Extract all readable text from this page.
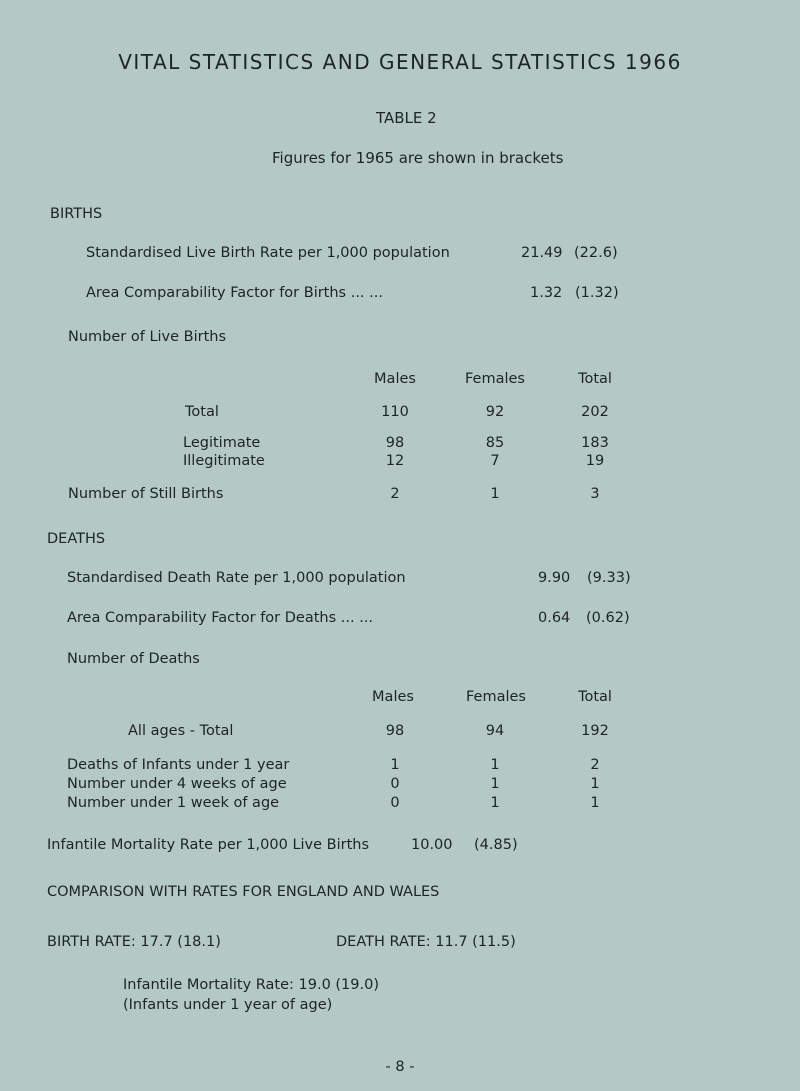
VITAL STATISTICS AND GENERAL STATISTICS 1966
TABLE 2
Figures for 1965 are shown in brackets
BIRTHS
Standardised Live Birth Rate per 1,000 population	21.49 (22.6)
Area Comparability Factor for Births ... ...	1.32 (1.32)
Number of Live Births
Males	Females	Total
Total	110	92	202
Legitimate	98	85	183
Illegitimate	12	7	19
Number of Still Births	2	1	3
DEATHS
Standardised Death Rate per 1,000 population	9.90 (9.33)
Area Comparability Factor for Deaths ... ...	0.64 (0.62)
Number of Deaths
Males	Females	Total
All ages - Total	98	94	192
Deaths of Infants under 1 year	1	1	2
Number under 4 weeks of age	0	1	1
Number under 1 week of age	0	1	1
Infantile Mortality Rate per 1,000 Live Births	10.00 (4.85)
COMPARISON WITH RATES FOR ENGLAND AND WALES
BIRTH RATE: 17.7 (18.1)	DEATH RATE: 11.7 (11.5)
Infantile Mortality Rate: 19.0 (19.0)
(Infants under 1 year of age)
- 8 -
